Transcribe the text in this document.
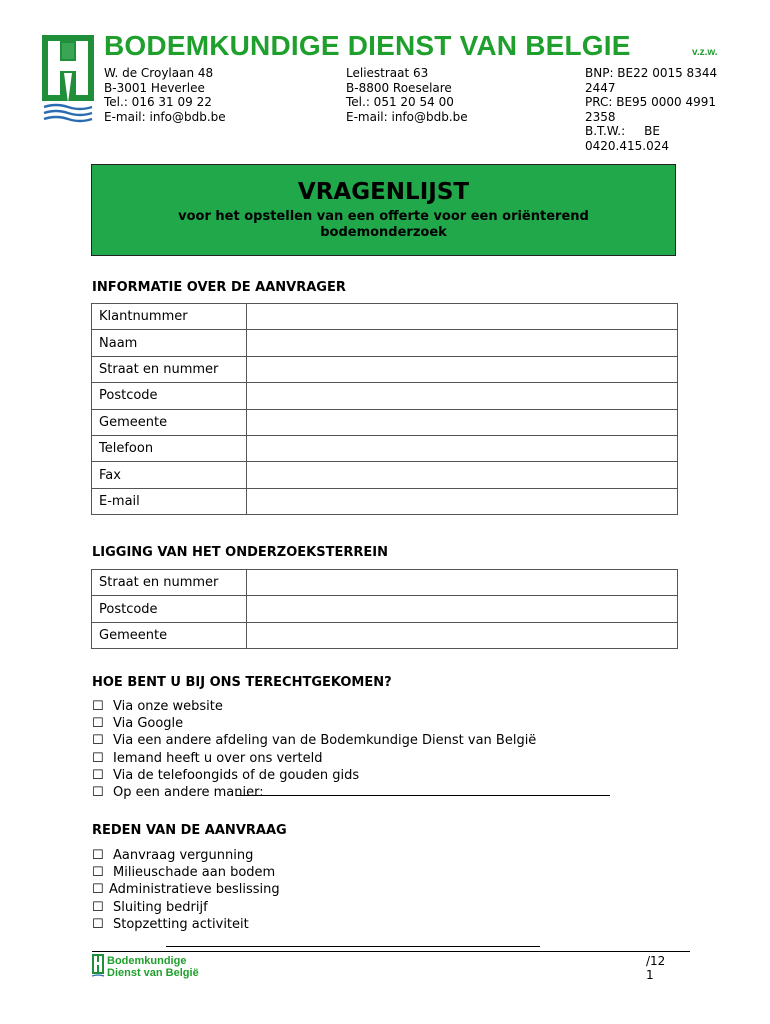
BODEMKUNDIGE DIENST VAN BELGIE	v.z.w.
W. de Croylaan 48
B-3001 Heverlee
Tel.: 016 31 09 22
E-mail: info@bdb.be
Leliestraat 63
B-8800 Roeselare
Tel.: 051 20 54 00
E-mail: info@bdb.be
BNP: BE22 0015 8344
2447
PRC: BE95 0000 4991
2358
B.T.W.:     BE
0420.415.024
VRAGENLIJST
voor het opstellen van een offerte voor een oriënterend
bodemonderzoek
INFORMATIE OVER DE AANVRAGER
Klantnummer	
Naam	
Straat en nummer	
Postcode	
Gemeente	
Telefoon	
Fax	
E-mail	
LIGGING VAN HET ONDERZOEKSTERREIN
Straat en nummer	
Postcode	
Gemeente	
HOE BENT U BIJ ONS TERECHTGEKOMEN?
☐ Via onze website
☐ Via Google
☐ Via een andere afdeling van de Bodemkundige Dienst van België
☐ Iemand heeft u over ons verteld
☐ Via de telefoongids of de gouden gids
☐ Op een andere manier:
REDEN VAN DE AANVRAAG
☐ Aanvraag vergunning
☐ Milieuschade aan bodem
☐ Administratieve beslissing
☐ Sluiting bedrijf
☐ Stopzetting activiteit
Bodemkundige
Dienst van België
/12
1
